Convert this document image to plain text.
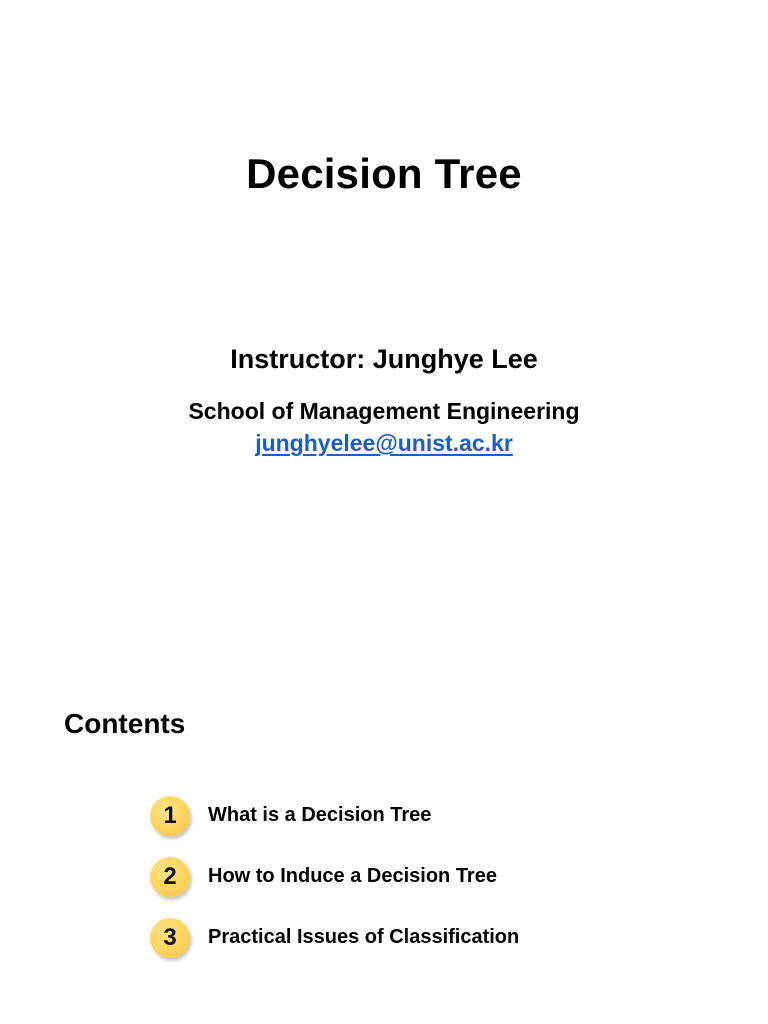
Decision Tree
Instructor: Junghye Lee
School of Management Engineering
junghyelee@unist.ac.kr
Contents
1	What is a Decision Tree
2	How to Induce a Decision Tree
3	Practical Issues of Classification
